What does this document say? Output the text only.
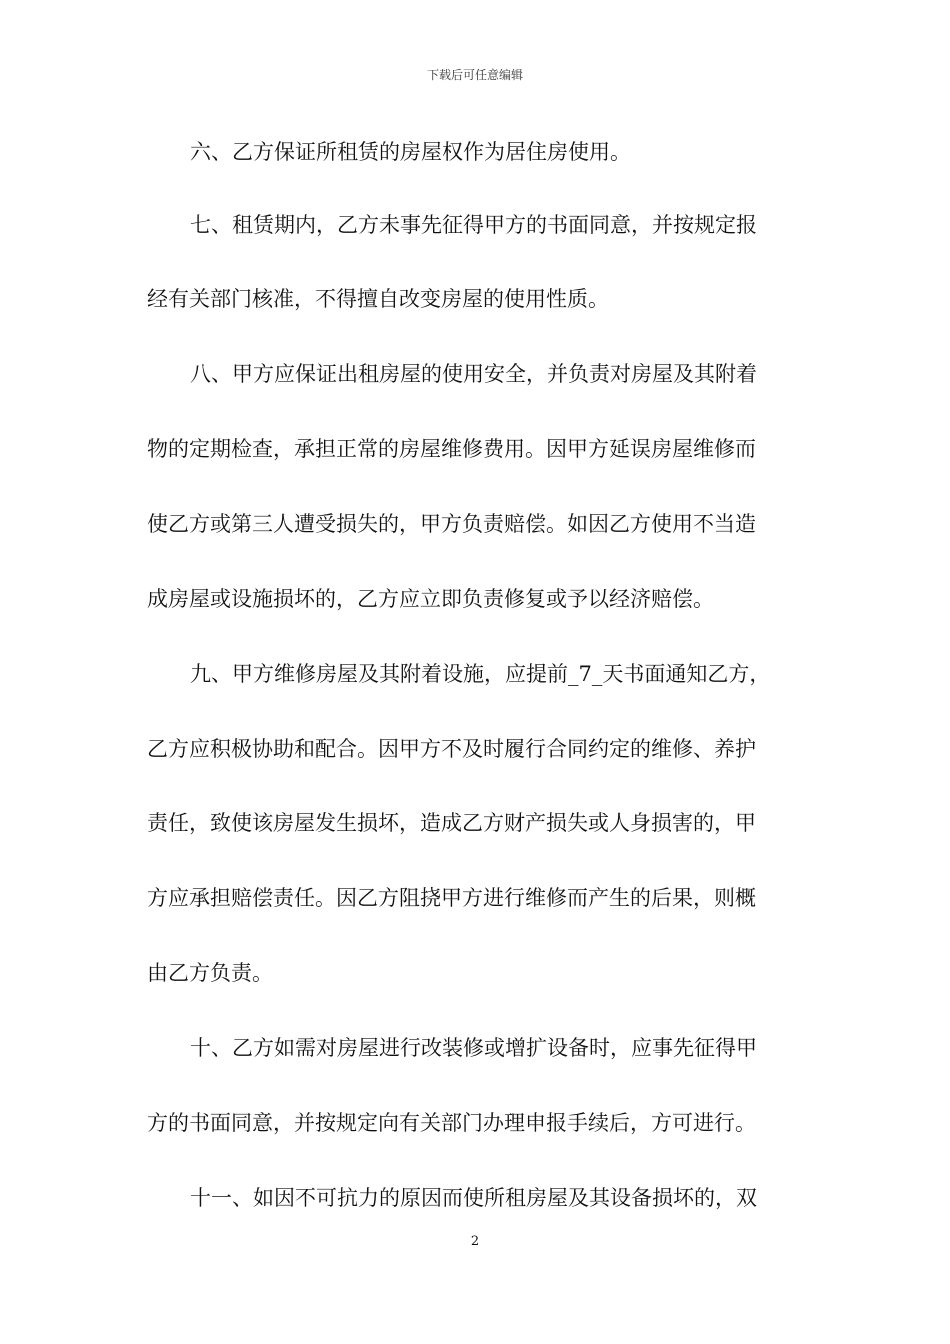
下载后可任意编辑
六、乙方保证所租赁的房屋权作为居住房使用。
七、租赁期内，乙方未事先征得甲方的书面同意，并按规定报
经有关部门核准，不得擅自改变房屋的使用性质。
八、甲方应保证出租房屋的使用安全，并负责对房屋及其附着
物的定期检查，承担正常的房屋维修费用。因甲方延误房屋维修而
使乙方或第三人遭受损失的，甲方负责赔偿。如因乙方使用不当造
成房屋或设施损坏的，乙方应立即负责修复或予以经济赔偿。
九、甲方维修房屋及其附着设施，应提前_7_天书面通知乙方，
乙方应积极协助和配合。因甲方不及时履行合同约定的维修、养护
责任，致使该房屋发生损坏，造成乙方财产损失或人身损害的，甲
方应承担赔偿责任。因乙方阻挠甲方进行维修而产生的后果，则概
由乙方负责。
十、乙方如需对房屋进行改装修或增扩设备时，应事先征得甲
方的书面同意，并按规定向有关部门办理申报手续后，方可进行。
十一、如因不可抗力的原因而使所租房屋及其设备损坏的，双
2
